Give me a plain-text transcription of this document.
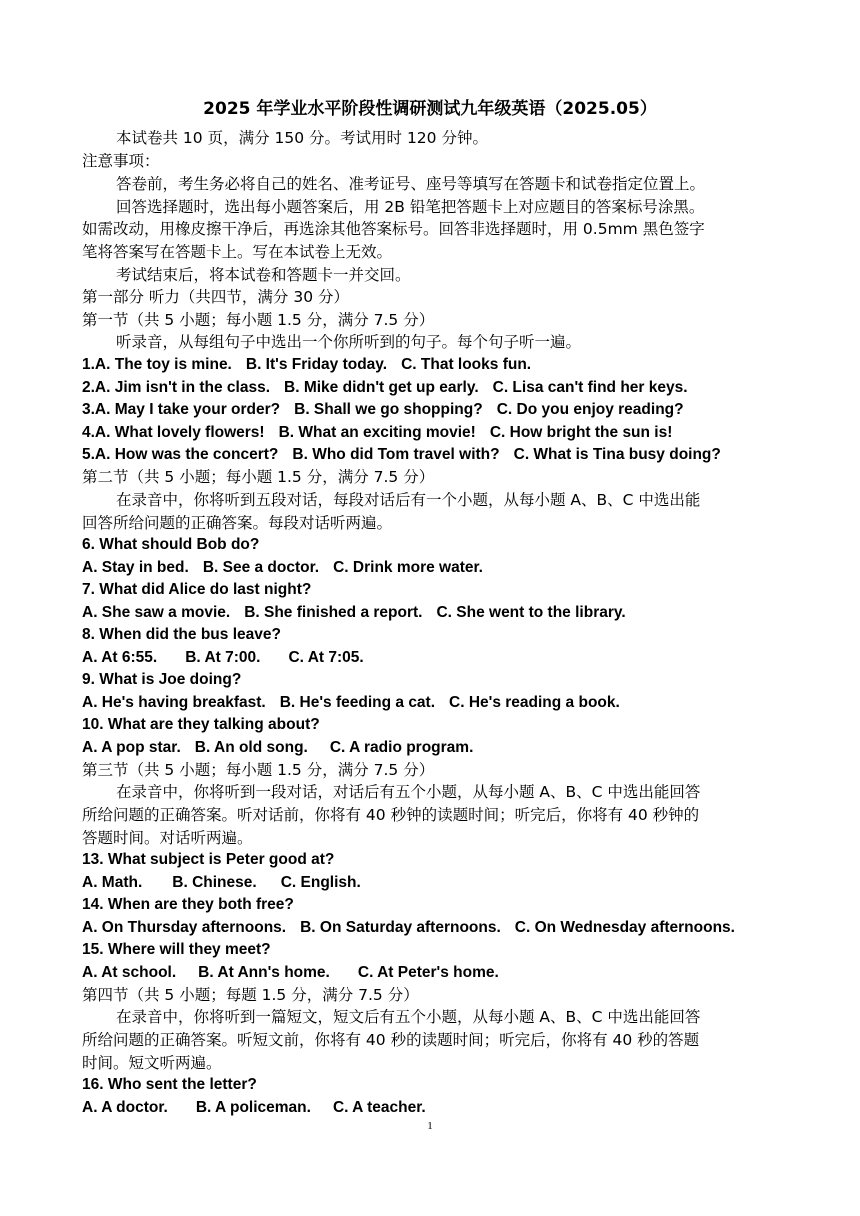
2025 年学业水平阶段性调研测试九年级英语（2025.05）
本试卷共 10 页，满分 150 分。考试用时 120 分钟。
注意事项：
答卷前，考生务必将自己的姓名、准考证号、座号等填写在答题卡和试卷指定位置上。
回答选择题时，选出每小题答案后，用 2B 铅笔把答题卡上对应题目的答案标号涂黑。
如需改动，用橡皮擦干净后，再选涂其他答案标号。回答非选择题时，用 0.5mm 黑色签字
笔将答案写在答题卡上。写在本试卷上无效。
考试结束后，将本试卷和答题卡一并交回。
第一部分 听力（共四节，满分 30 分）
第一节（共 5 小题；每小题 1.5 分，满分 7.5 分）
听录音，从每组句子中选出一个你所听到的句子。每个句子听一遍。
1.A. The toy is mine. B. It's Friday today. C. That looks fun.
2.A. Jim isn't in the class. B. Mike didn't get up early. C. Lisa can't find her keys.
3.A. May I take your order? B. Shall we go shopping? C. Do you enjoy reading?
4.A. What lovely flowers! B. What an exciting movie! C. How bright the sun is!
5.A. How was the concert? B. Who did Tom travel with? C. What is Tina busy doing?
第二节（共 5 小题；每小题 1.5 分，满分 7.5 分）
在录音中，你将听到五段对话，每段对话后有一个小题，从每小题 A、B、C 中选出能
回答所给问题的正确答案。每段对话听两遍。
6. What should Bob do?
A. Stay in bed. B. See a doctor. C. Drink more water.
7. What did Alice do last night?
A. She saw a movie. B. She finished a report. C. She went to the library.
8. When did the bus leave?
A. At 6:55. B. At 7:00. C. At 7:05.
9. What is Joe doing?
A. He's having breakfast. B. He's feeding a cat. C. He's reading a book.
10. What are they talking about?
A. A pop star. B. An old song. C. A radio program.
第三节（共 5 小题；每小题 1.5 分，满分 7.5 分）
在录音中，你将听到一段对话，对话后有五个小题，从每小题 A、B、C 中选出能回答
所给问题的正确答案。听对话前，你将有 40 秒钟的读题时间；听完后，你将有 40 秒钟的
答题时间。对话听两遍。
13. What subject is Peter good at?
A. Math. B. Chinese. C. English.
14. When are they both free?
A. On Thursday afternoons. B. On Saturday afternoons. C. On Wednesday afternoons.
15. Where will they meet?
A. At school. B. At Ann's home. C. At Peter's home.
第四节（共 5 小题；每题 1.5 分，满分 7.5 分）
在录音中，你将听到一篇短文，短文后有五个小题，从每小题 A、B、C 中选出能回答
所给问题的正确答案。听短文前，你将有 40 秒的读题时间；听完后，你将有 40 秒的答题
时间。短文听两遍。
16. Who sent the letter?
A. A doctor. B. A policeman. C. A teacher.
1
